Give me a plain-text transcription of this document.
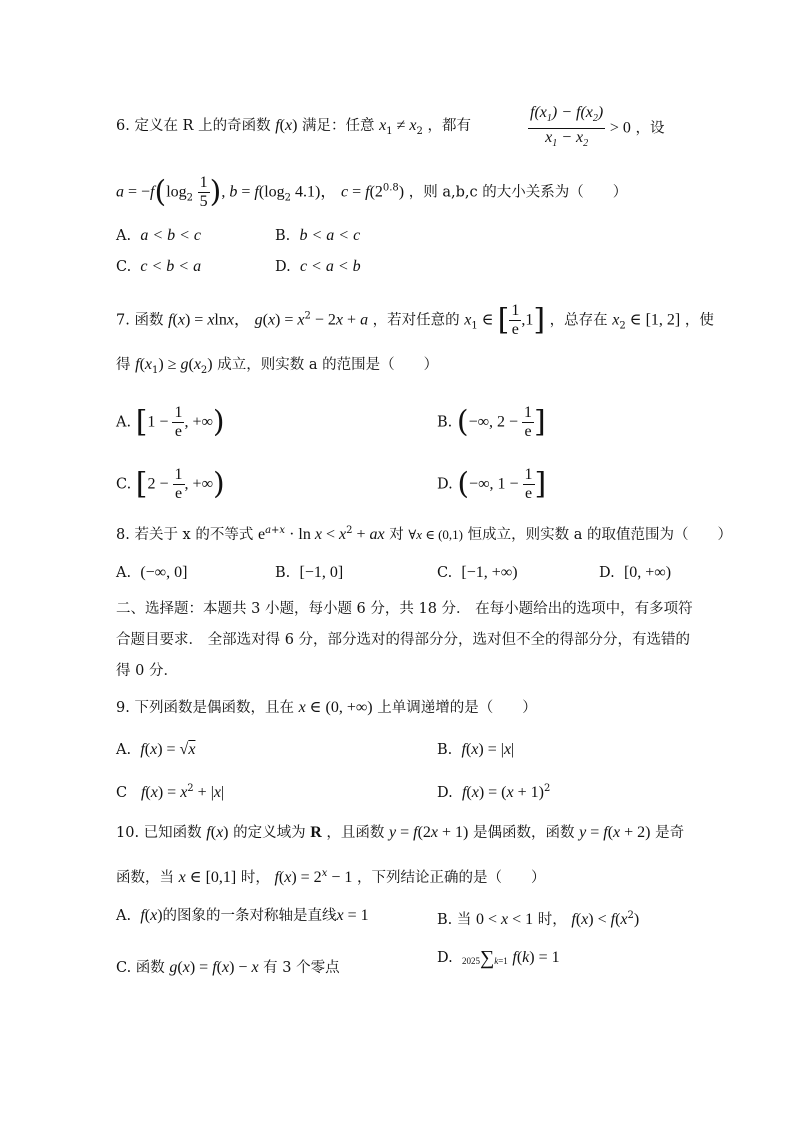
6. 定义在 R 上的奇函数 f(x) 满足：任意 $x_1 \ne x_2$ ，都有	$\frac{f(x_1) - f(x_2)}{x_1 - x_2} > 0$ ，设
$a = -f(\log_2 \frac{1}{5}$ ), $b = f(\log_2$ 4.1)， $c = f(2^{0.8})$ ，则 a,b,c 的大小关系为（　　）
A. a < b < c	B. b < a < c
C. c < b < a	D. c < a < b
7. 函数 f(x) = xlnx， $g(x) = x^2 - 2x + a$ ，若对任意的 $x_1$ ∈ [ $\frac{1}{e} ,1$] ，总存在 $x_2$ ∈ [1, 2] ，使
得 $f(x_1) \ge g(x_2)$ 成立，则实数 a 的范围是（　　）
A. [$1 - \frac{1}{e}$ , +∞)	B. (−∞, $2 - \frac{1}{e}$ ]
C. [$2 - \frac{1}{e}$ , +∞)	D. (−∞, $1 - \frac{1}{e}$ ]
8. 若关于 x 的不等式 $e^{a+x} \cdot \ln x < x^2$ + ax 对 ∀x ∈ (0,1) 恒成立，则实数 a 的取值范围为（　　）
A. (−∞, 0]	B. [−1, 0]	C. [−1, +∞)	D. [0, +∞)
二、选择题：本题共 3 小题，每小题 6 分，共 18 分． 在每小题给出的选项中，有多项符
合题目要求． 全部选对得 6 分，部分选对的得部分分，选对但不全的得部分分，有选错的
得 0 分．
9. 下列函数是偶函数，且在 x ∈ (0, +∞) 上单调递增的是（　　）
A. f(x) = √x	B. f(x) = |x|
C $f(x) = x^2 + |x|$	D. $f(x) = (x + 1)^2$
10. 已知函数 f(x) 的定义域为 R ，且函数 y = f(2x + 1) 是偶函数，函数 y = f(x + 2) 是奇
函数，当 x ∈ [0,1] 时， $f(x) = 2^x - 1$ ，下列结论正确的是（　　）
A. f(x)的图象的一条对称轴是直线x = 1	B. 当 0 < x < 1 时， $f(x) < f(x^2)$
C. 函数 g(x) = f(x) − x 有 3 个零点
D. 2025∑k=1 f(k) = 1
